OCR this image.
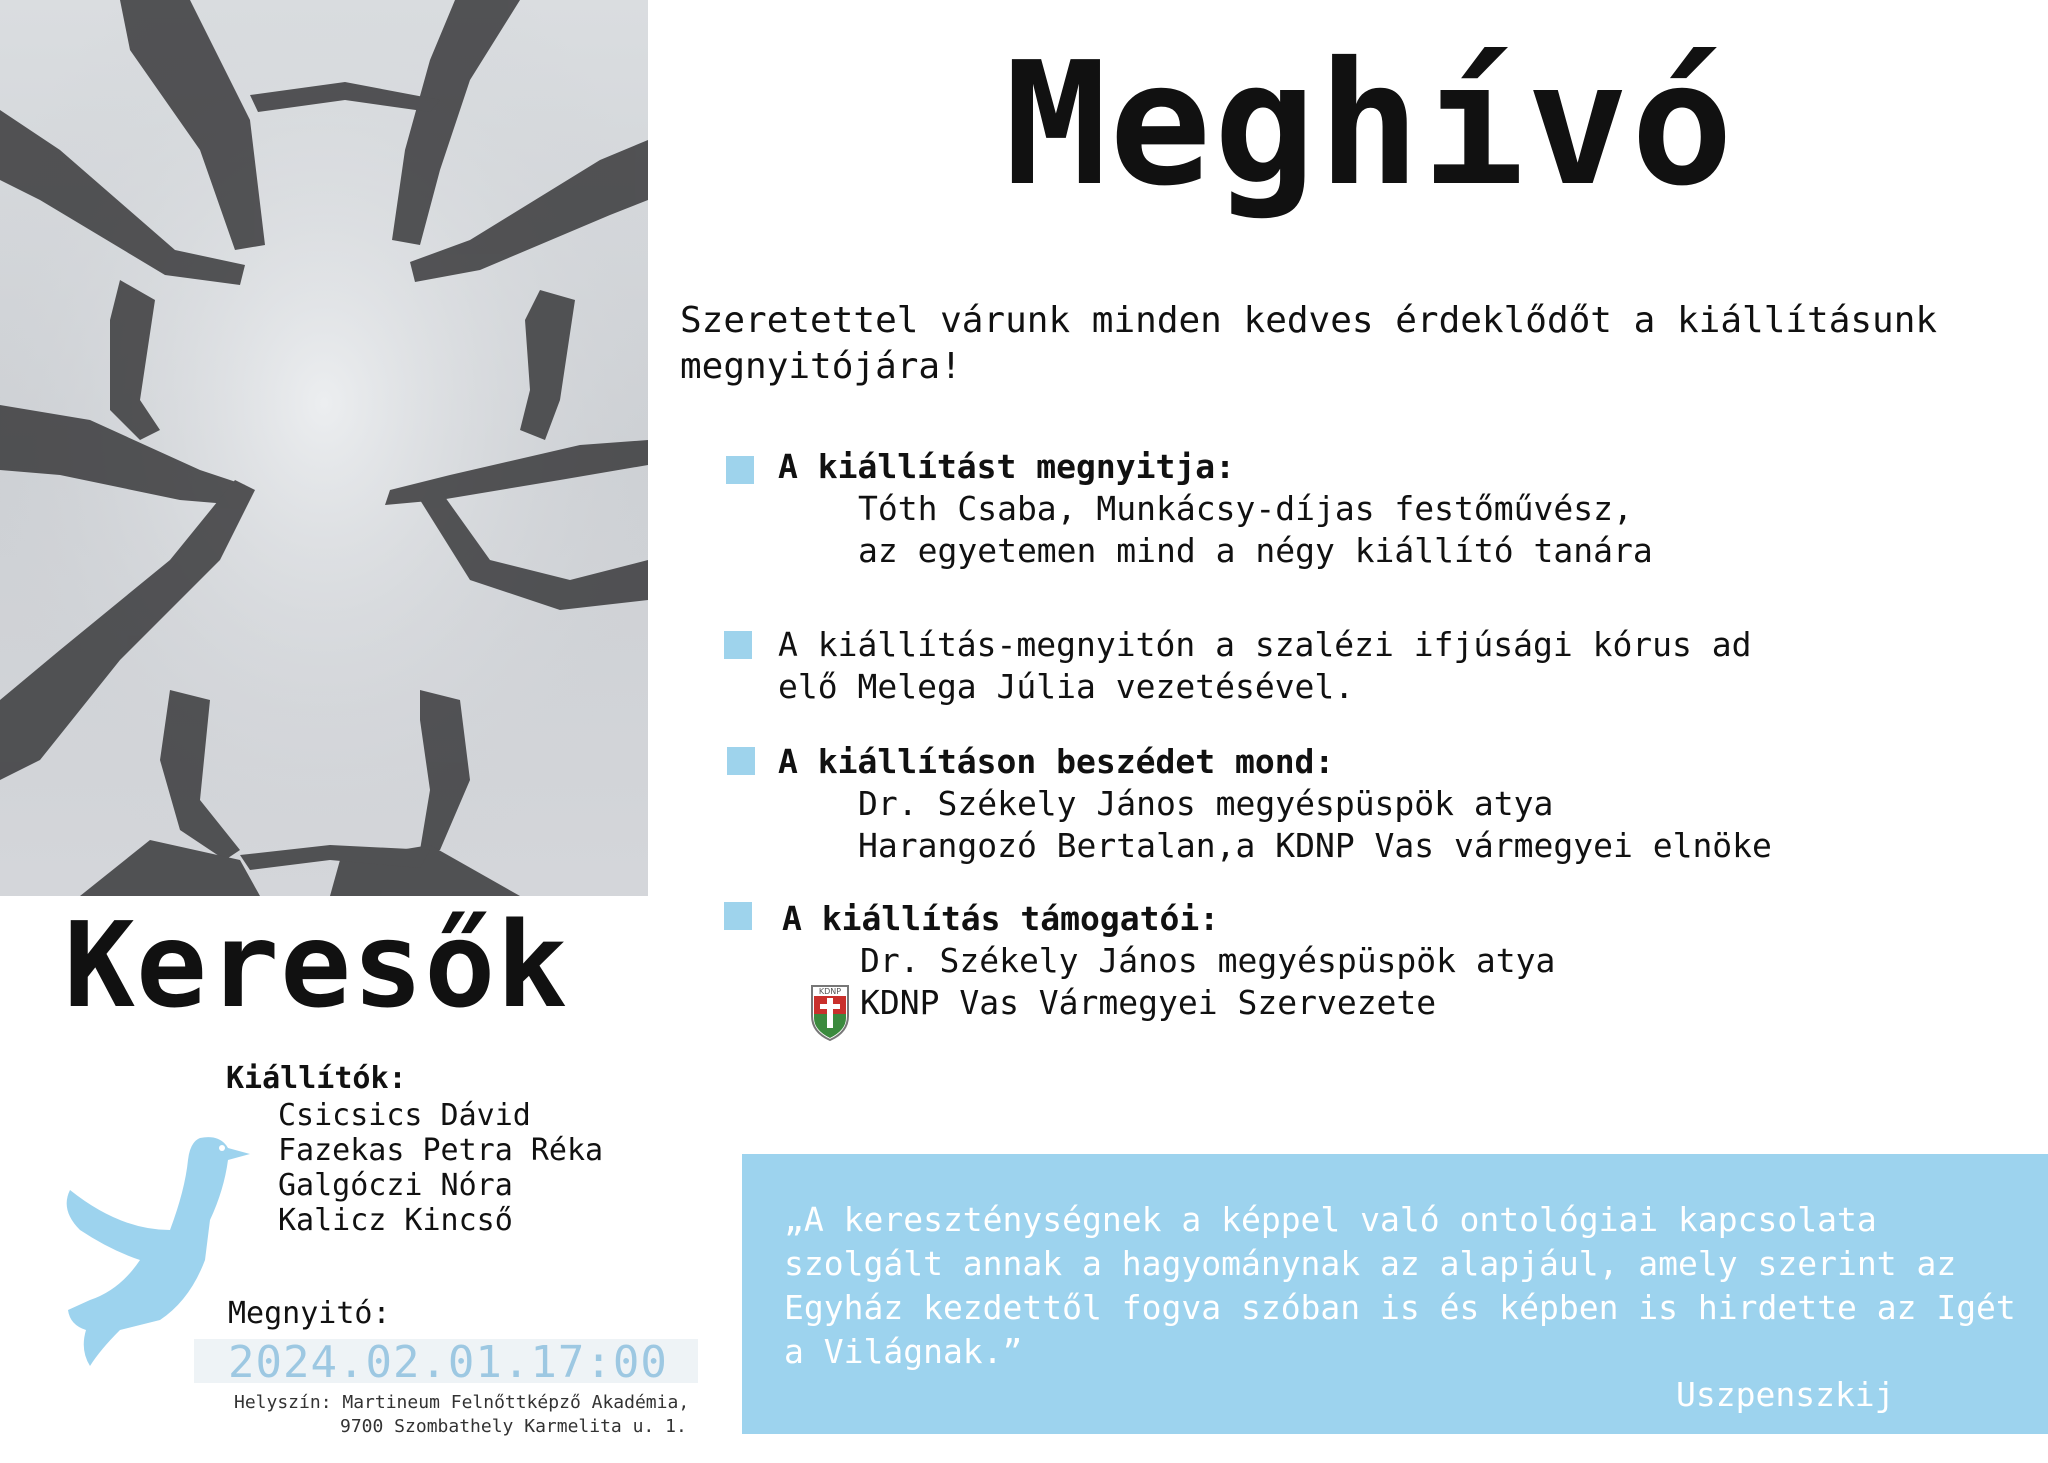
Meghívó
Szeretettel várunk minden kedves érdeklődőt a kiállításunk megnyitójára!
A kiállítást megnyitja:
Tóth Csaba, Munkácsy-díjas festőművész,
az egyetemen mind a négy kiállító tanára
A kiállítás-megnyitón a szalézi ifjúsági kórus ad
elő Melega Júlia vezetésével.
A kiállításon beszédet mond:
Dr. Székely János megyéspüspök atya
Harangozó Bertalan,a KDNP Vas vármegyei elnöke
A kiállítás támogatói:
Dr. Székely János megyéspüspök atya
KDNP Vas Vármegyei Szervezete
KDNP
Keresők
Kiállítók:
Csicsics Dávid
Fazekas Petra Réka
Galgóczi Nóra
Kalicz Kincső
Megnyitó:
2024.02.01.17:00
Helyszín: Martineum Felnőttképző Akadémia,
9700 Szombathely Karmelita u. 1.
„A kereszténységnek a képpel való ontológiai kapcsolata szolgált annak a hagyománynak az alapjául, amely szerint az Egyház kezdettől fogva szóban is és képben is hirdette az Igét a Világnak.”
Uszpenszkij
